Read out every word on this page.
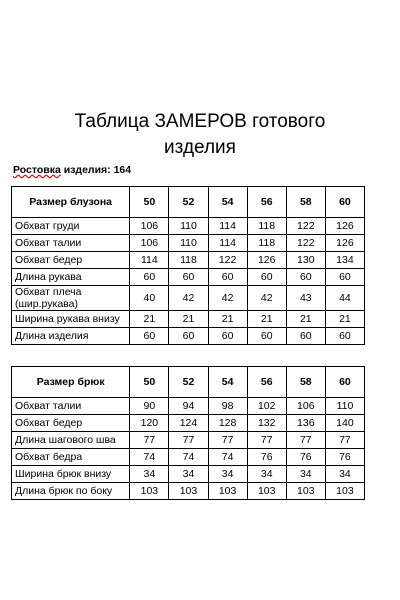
Таблица ЗАМЕРОВ готового
изделия
Ростовка изделия: 164
Размер блузона	50	52	54	56	58	60
Обхват груди	106	110	114	118	122	126
Обхват талии	106	110	114	118	122	126
Обхват бедер	114	118	122	126	130	134
Длина рукава	60	60	60	60	60	60
Обхват плеча (шир.рукава)	40	42	42	42	43	44
Ширина рукава внизу	21	21	21	21	21	21
Длина изделия	60	60	60	60	60	60
Размер брюк	50	52	54	56	58	60
Обхват талии	90	94	98	102	106	110
Обхват бедер	120	124	128	132	136	140
Длина шагового шва	77	77	77	77	77	77
Обхват бедра	74	74	74	76	76	76
Ширина брюк внизу	34	34	34	34	34	34
Длина брюк по боку	103	103	103	103	103	103
